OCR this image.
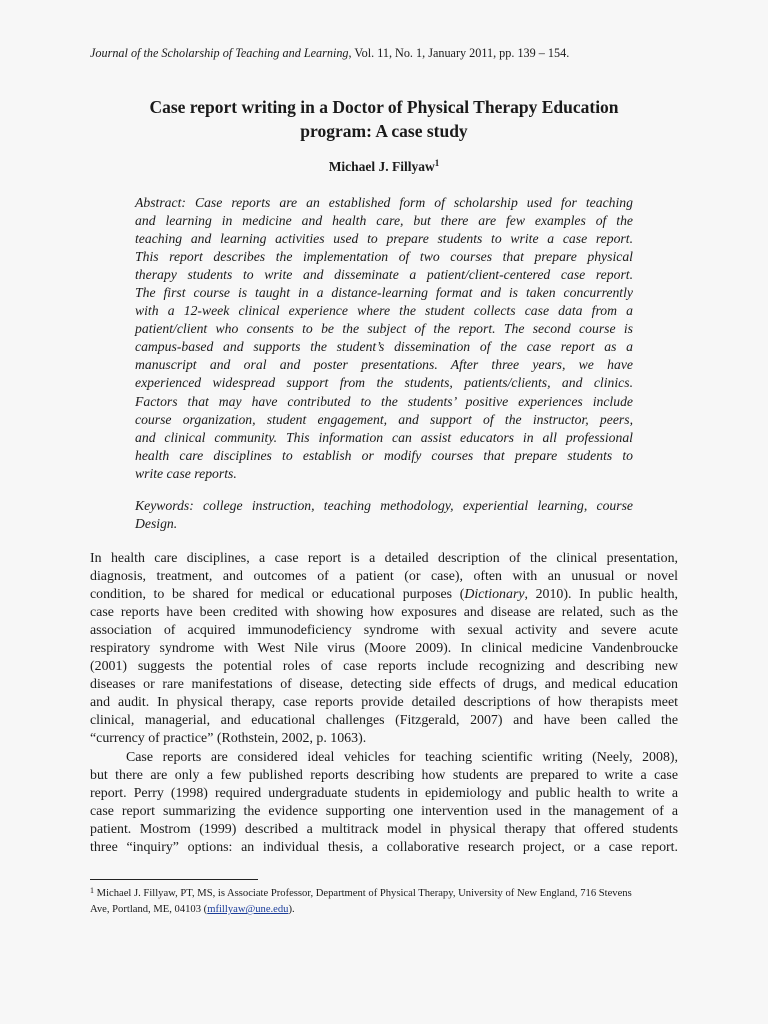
Journal of the Scholarship of Teaching and Learning, Vol. 11, No. 1, January 2011, pp. 139 – 154.
Case report writing in a Doctor of Physical Therapy Education
program: A case study
Michael J. Fillyaw$^1$
Abstract: Case reports are an established form of scholarship used for teaching
and learning in medicine and health care, but there are few examples of the
teaching and learning activities used to prepare students to write a case report.
This report describes the implementation of two courses that prepare physical
therapy students to write and disseminate a patient/client-centered case report.
The first course is taught in a distance-learning format and is taken concurrently
with a 12-week clinical experience where the student collects case data from a
patient/client who consents to be the subject of the report. The second course is
campus-based and supports the student’s dissemination of the case report as a
manuscript and oral and poster presentations. After three years, we have
experienced widespread support from the students, patients/clients, and clinics.
Factors that may have contributed to the students’ positive experiences include
course organization, student engagement, and support of the instructor, peers,
and clinical community. This information can assist educators in all professional
health care disciplines to establish or modify courses that prepare students to
write case reports.
Keywords: college instruction, teaching methodology, experiential learning, course
Design.
In health care disciplines, a case report is a detailed description of the clinical presentation,
diagnosis, treatment, and outcomes of a patient (or case), often with an unusual or novel
condition, to be shared for medical or educational purposes (Dictionary, 2010). In public health,
case reports have been credited with showing how exposures and disease are related, such as the
association of acquired immunodeficiency syndrome with sexual activity and severe acute
respiratory syndrome with West Nile virus (Moore 2009). In clinical medicine Vandenbroucke
(2001) suggests the potential roles of case reports include recognizing and describing new
diseases or rare manifestations of disease, detecting side effects of drugs, and medical education
and audit. In physical therapy, case reports provide detailed descriptions of how therapists meet
clinical, managerial, and educational challenges (Fitzgerald, 2007) and have been called the
“currency of practice” (Rothstein, 2002, p. 1063).
Case reports are considered ideal vehicles for teaching scientific writing (Neely, 2008),
but there are only a few published reports describing how students are prepared to write a case
report. Perry (1998) required undergraduate students in epidemiology and public health to write a
case report summarizing the evidence supporting one intervention used in the management of a
patient. Mostrom (1999) described a multitrack model in physical therapy that offered students
three “inquiry” options: an individual thesis, a collaborative research project, or a case report.
$^1$ Michael J. Fillyaw, PT, MS, is Associate Professor, Department of Physical Therapy, University of New England, 716 Stevens
Ave, Portland, ME, 04103 (mfillyaw@une.edu).
